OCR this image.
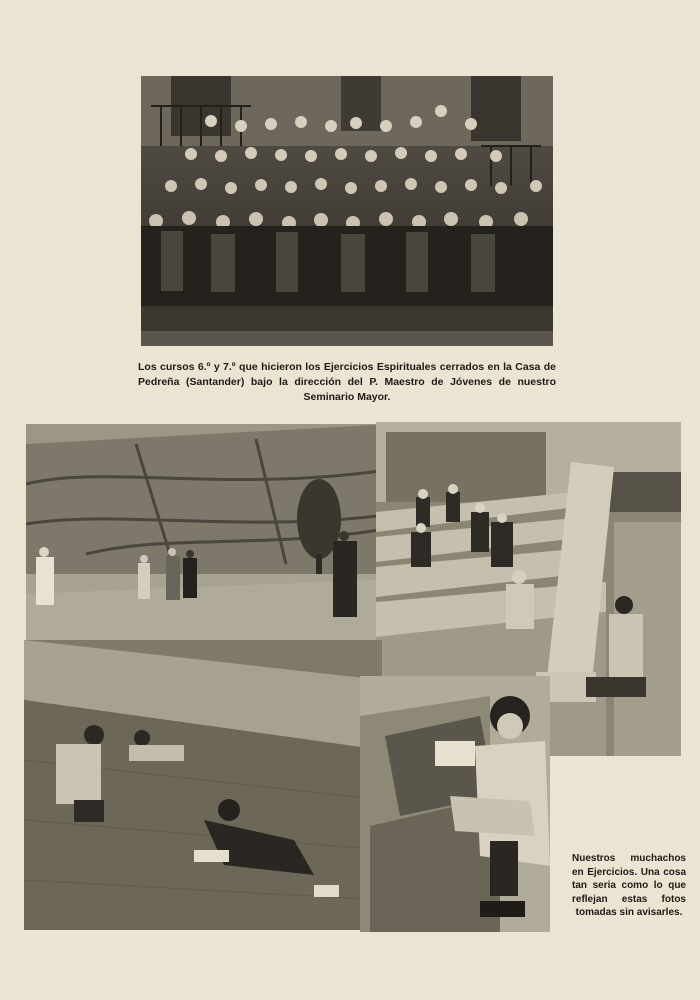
Los cursos 6.º y 7.º que hicieron los Ejercicios Espirituales cerrados en la Casa de Pedreña (Santander) bajo la dirección del P. Maestro de Jóvenes de nuestro Seminario Mayor.

Nuestros muchachos en Ejercicios. Una cosa tan seria como lo que reflejan estas fotos tomadas sin avisarles.
